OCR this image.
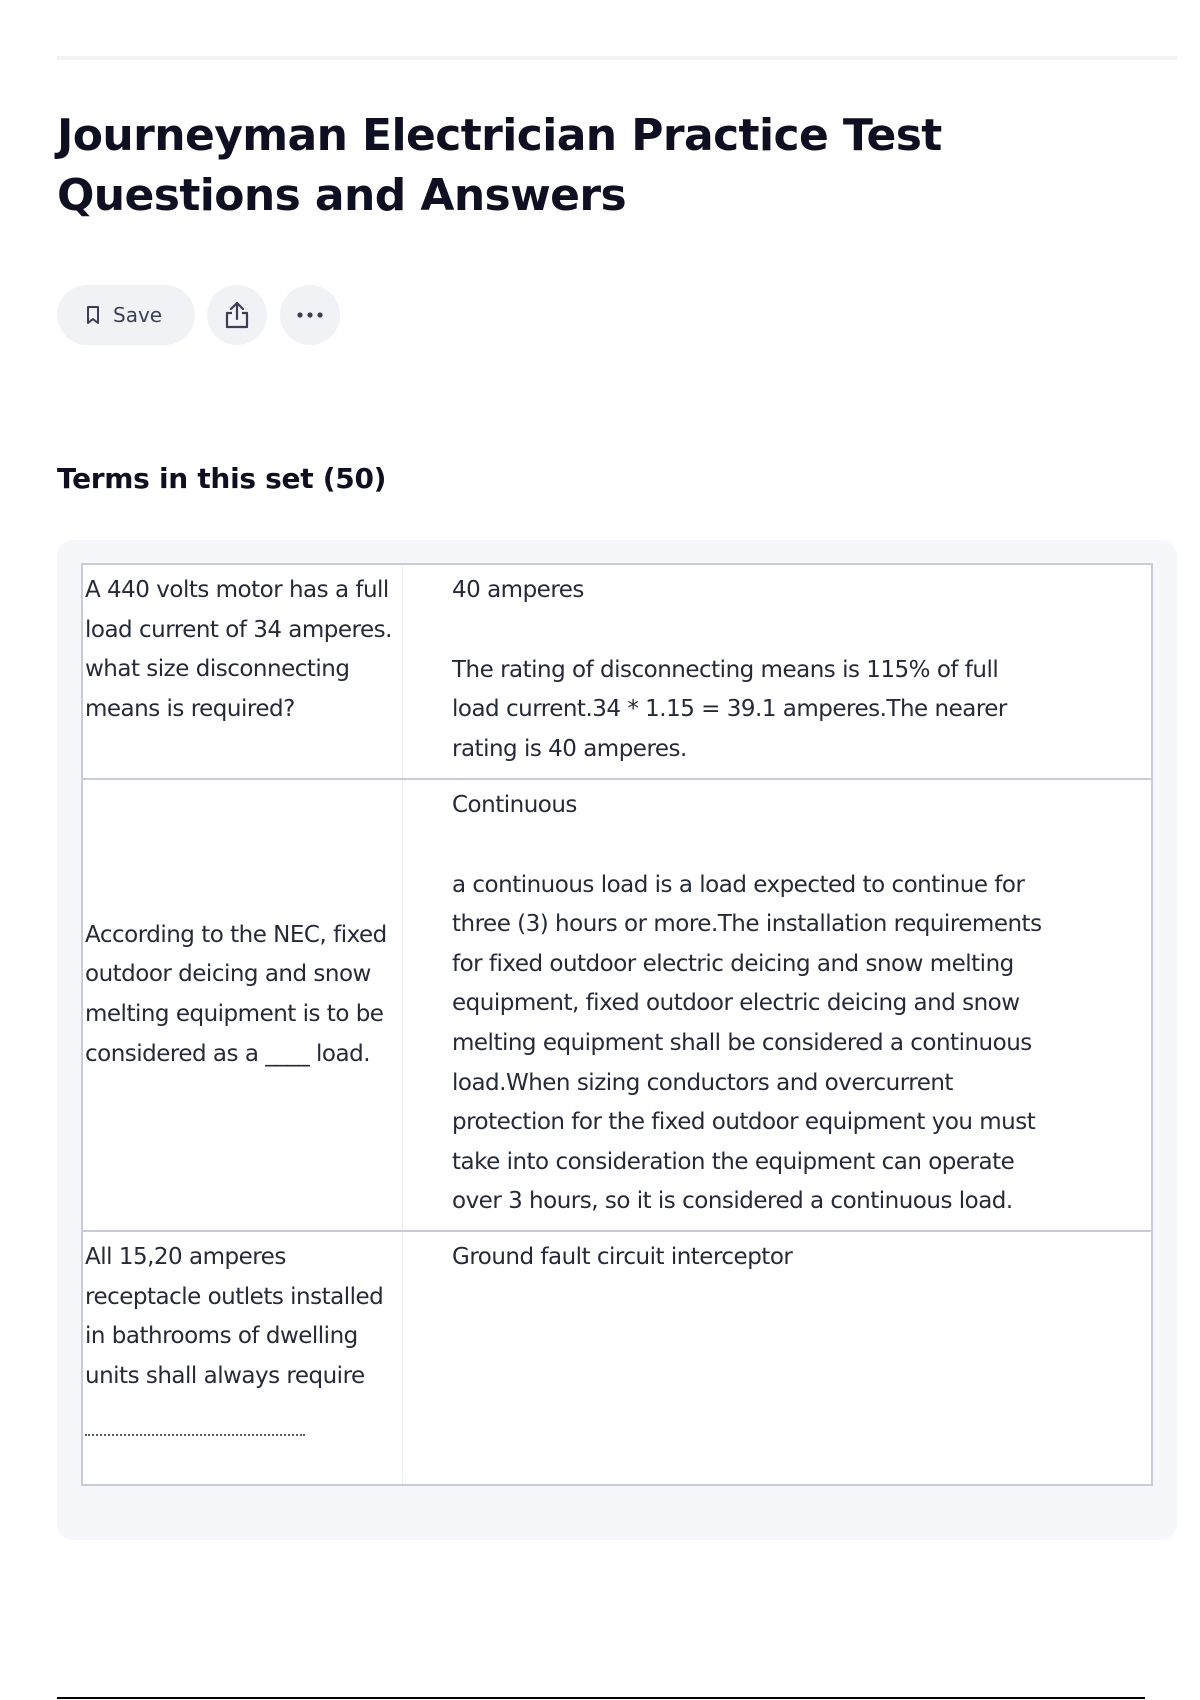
Journeyman Electrician Practice Test Questions and Answers
Save
Terms in this set (50)
A 440 volts motor has a full load current of 34 amperes. what size disconnecting means is required?
40 amperes
The rating of disconnecting means is 115% of full load current.34 * 1.15 = 39.1 amperes.The nearer rating is 40 amperes.
According to the NEC, fixed outdoor deicing and snow melting equipment is to be considered as a ____ load.
Continuous
a continuous load is a load expected to continue for three (3) hours or more.The installation requirements for fixed outdoor electric deicing and snow melting equipment, fixed outdoor electric deicing and snow melting equipment shall be considered a continuous load.When sizing conductors and overcurrent protection for the fixed outdoor equipment you must take into consideration the equipment can operate over 3 hours, so it is considered a continuous load.
All 15,20 amperes receptacle outlets installed in bathrooms of dwelling units shall always require
Ground fault circuit interceptor
